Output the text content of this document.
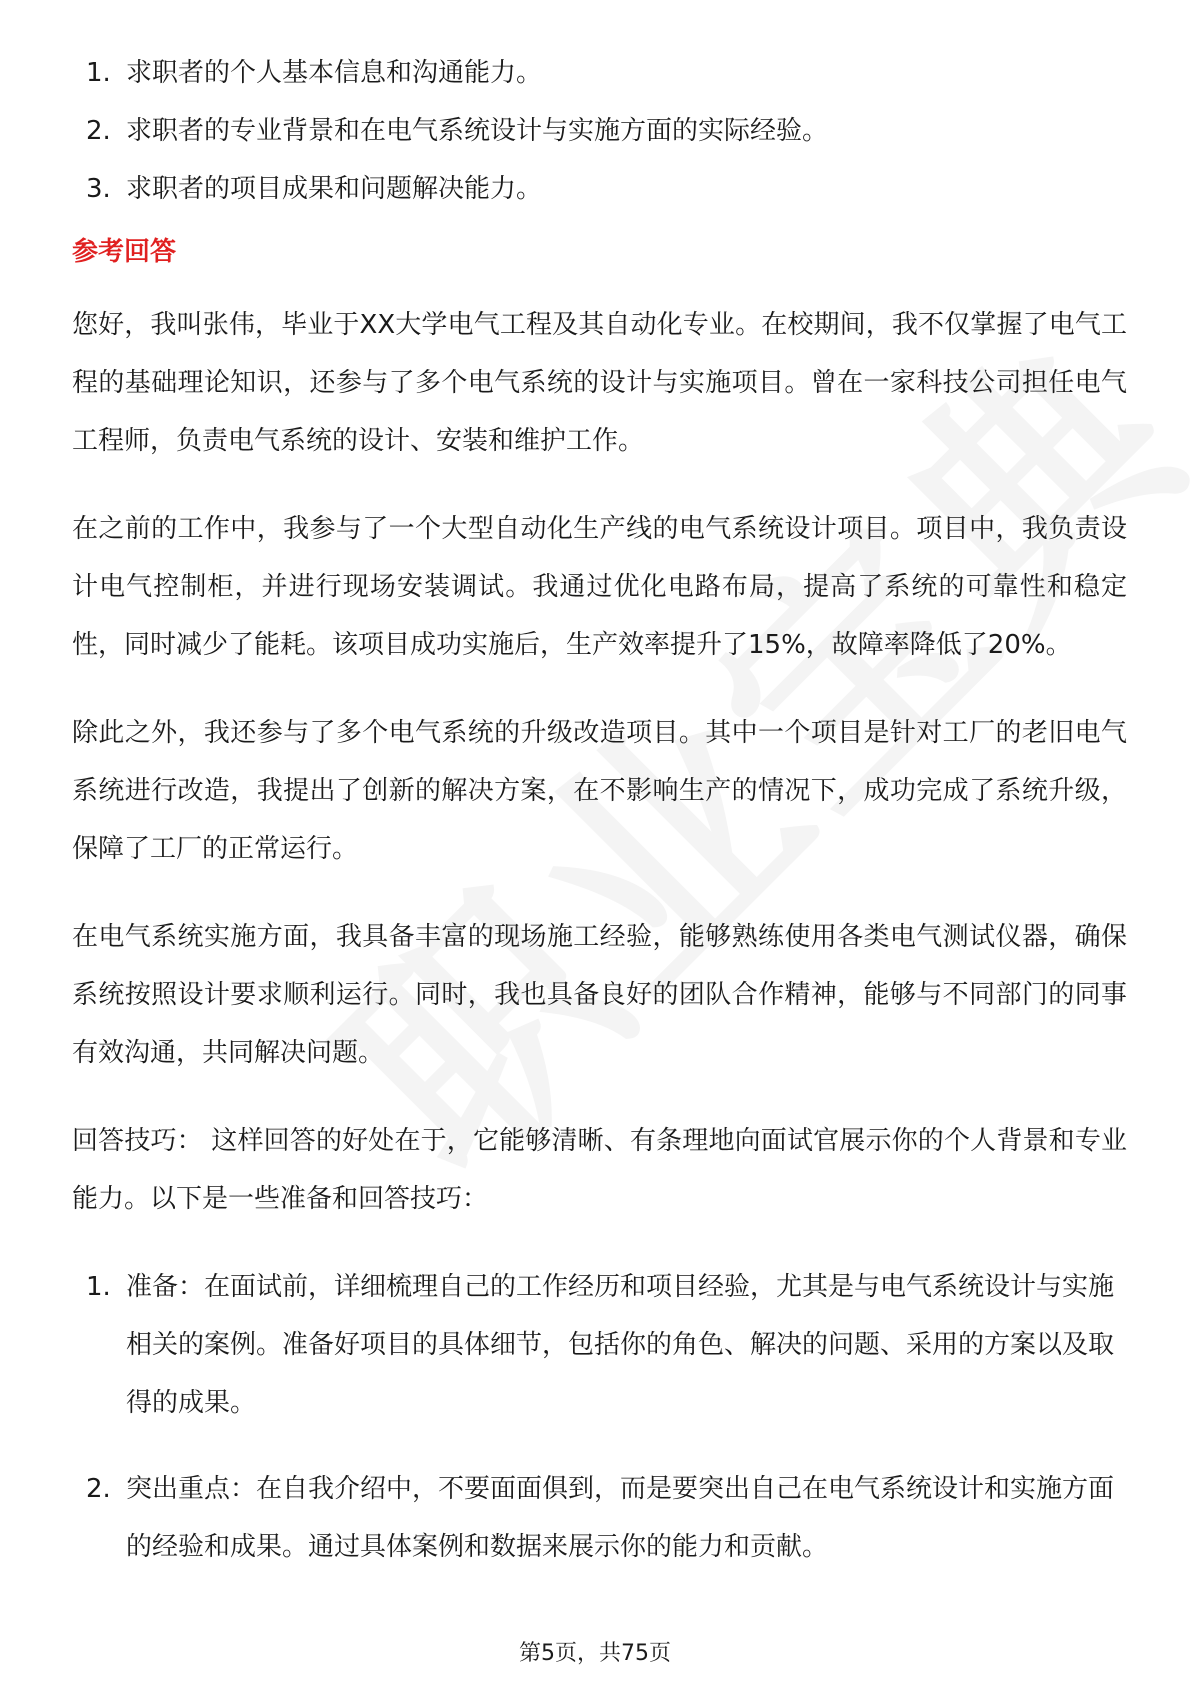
1. 求职者的个人基本信息和沟通能力。
2. 求职者的专业背景和在电气系统设计与实施方面的实际经验。
3. 求职者的项目成果和问题解决能力。
参考回答

您好，我叫张伟，毕业于XX大学电气工程及其自动化专业。在校期间，我不仅掌握了电气工程的基础理论知识，还参与了多个电气系统的设计与实施项目。曾在一家科技公司担任电气工程师，负责电气系统的设计、安装和维护工作。

在之前的工作中，我参与了一个大型自动化生产线的电气系统设计项目。项目中，我负责设计电气控制柜，并进行现场安装调试。我通过优化电路布局，提高了系统的可靠性和稳定性，同时减少了能耗。该项目成功实施后，生产效率提升了15%，故障率降低了20%。

除此之外，我还参与了多个电气系统的升级改造项目。其中一个项目是针对工厂的老旧电气系统进行改造，我提出了创新的解决方案，在不影响生产的情况下，成功完成了系统升级，保障了工厂的正常运行。

在电气系统实施方面，我具备丰富的现场施工经验，能够熟练使用各类电气测试仪器，确保系统按照设计要求顺利运行。同时，我也具备良好的团队合作精神，能够与不同部门的同事有效沟通，共同解决问题。

回答技巧： 这样回答的好处在于，它能够清晰、有条理地向面试官展示你的个人背景和专业能力。以下是一些准备和回答技巧：

1. 准备：在面试前，详细梳理自己的工作经历和项目经验，尤其是与电气系统设计与实施相关的案例。准备好项目的具体细节，包括你的角色、解决的问题、采用的方案以及取得的成果。
2. 突出重点：在自我介绍中，不要面面俱到，而是要突出自己在电气系统设计和实施方面的经验和成果。通过具体案例和数据来展示你的能力和贡献。
第5页，共75页
